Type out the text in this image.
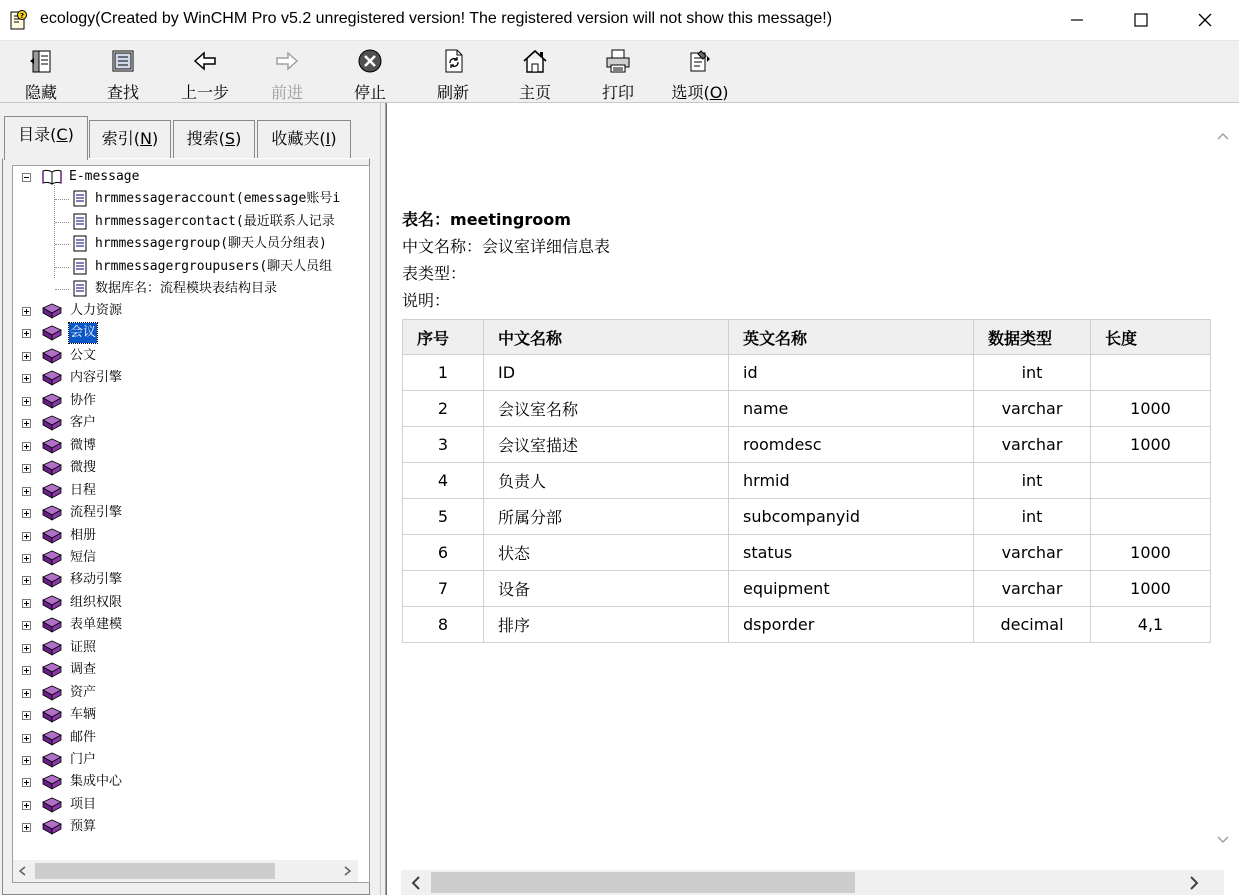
? ecology(Created by WinCHM Pro v5.2 unregistered version! The registered version will not show this message!)
隐藏	查找	上一步	前进	停止	刷新	主页	打印	选项(O)
目录(C)	索引(N)	搜索(S)	收藏夹(I)
E-message
hrmmessageraccount(emessage账号i
hrmmessagercontact(最近联系人记录
hrmmessagergroup(聊天人员分组表)
hrmmessagergroupusers(聊天人员组
数据库名：流程模块表结构目录
人力资源
会议
公文
内容引擎
协作
客户
微博
微搜
日程
流程引擎
相册
短信
移动引擎
组织权限
表单建模
证照
调查
资产
车辆
邮件
门户
集成中心
项目
预算
表名：meetingroom
中文名称：会议室详细信息表
表类型：
说明：
序号	中文名称	英文名称	数据类型	长度
1	ID	id	int	
2	会议室名称	name	varchar	1000
3	会议室描述	roomdesc	varchar	1000
4	负责人	hrmid	int	
5	所属分部	subcompanyid	int	
6	状态	status	varchar	1000
7	设备	equipment	varchar	1000
8	排序	dsporder	decimal	4,1
